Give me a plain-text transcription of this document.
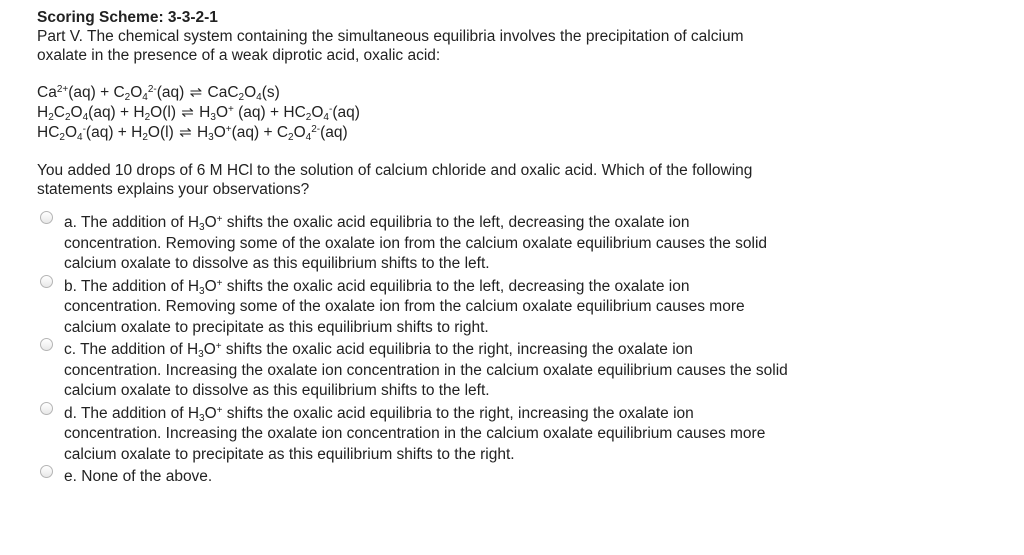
Scoring Scheme: 3-3-2-1

Part V. The chemical system containing the simultaneous equilibria involves the precipitation of calcium

oxalate in the presence of a weak diprotic acid, oxalic acid:

$Ca^{2+}(aq) + C_2O_4^{2-}(aq)$ ⇌ $CaC_2O_4(s)$

$H_2C_2O_4(aq) + H_2O(l)$ ⇌ $H_3O^+$ $(aq) + HC_2O_4^-(aq)$

$HC_2O_4^-(aq) + H_2O(l)$ ⇌ $H_3O^+(aq) + C_2O_4^{2-}(aq)$

You added 10 drops of 6 M HCl to the solution of calcium chloride and oxalic acid. Which of the following
statements explains your observations?
a. The addition of $H_3O^+$ shifts the oxalic acid equilibria to the left, decreasing the oxalate ion
concentration. Removing some of the oxalate ion from the calcium oxalate equilibrium causes the solid
calcium oxalate to dissolve as this equilibrium shifts to the left.
b. The addition of $H_3O^+$ shifts the oxalic acid equilibria to the left, decreasing the oxalate ion
concentration. Removing some of the oxalate ion from the calcium oxalate equilibrium causes more
calcium oxalate to precipitate as this equilibrium shifts to right.
c. The addition of $H_3O^+$ shifts the oxalic acid equilibria to the right, increasing the oxalate ion
concentration. Increasing the oxalate ion concentration in the calcium oxalate equilibrium causes the solid
calcium oxalate to dissolve as this equilibrium shifts to the left.
d. The addition of $H_3O^+$ shifts the oxalic acid equilibria to the right, increasing the oxalate ion
concentration. Increasing the oxalate ion concentration in the calcium oxalate equilibrium causes more
calcium oxalate to precipitate as this equilibrium shifts to the right.
e. None of the above.
